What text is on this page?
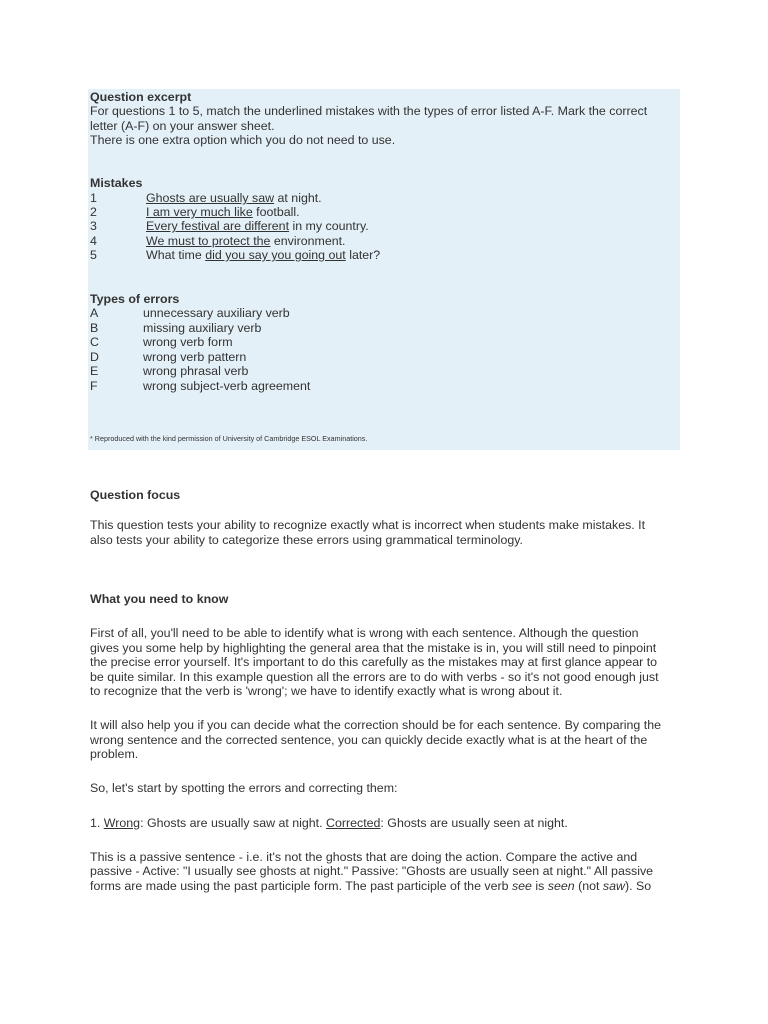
Question excerpt
For questions 1 to 5, match the underlined mistakes with the types of error listed A-F. Mark the correct
letter (A-F) on your answer sheet.
There is one extra option which you do not need to use.
Mistakes
1	Ghosts are usually saw at night.
2	I am very much like football.
3	Every festival are different in my country.
4	We must to protect the environment.
5	What time did you say you going out later?
Types of errors
A	unnecessary auxiliary verb
B	missing auxiliary verb
C	wrong verb form
D	wrong verb pattern
E	wrong phrasal verb
F	wrong subject-verb agreement
* Reproduced with the kind permission of University of Cambridge ESOL Examinations.
Question focus
This question tests your ability to recognize exactly what is incorrect when students make mistakes. It
also tests your ability to categorize these errors using grammatical terminology.
What you need to know
First of all, you'll need to be able to identify what is wrong with each sentence. Although the question
gives you some help by highlighting the general area that the mistake is in, you will still need to pinpoint
the precise error yourself. It's important to do this carefully as the mistakes may at first glance appear to
be quite similar. In this example question all the errors are to do with verbs - so it's not good enough just
to recognize that the verb is 'wrong'; we have to identify exactly what is wrong about it.
It will also help you if you can decide what the correction should be for each sentence. By comparing the
wrong sentence and the corrected sentence, you can quickly decide exactly what is at the heart of the
problem.
So, let's start by spotting the errors and correcting them:
1. Wrong: Ghosts are usually saw at night. Corrected: Ghosts are usually seen at night.
This is a passive sentence - i.e. it's not the ghosts that are doing the action. Compare the active and
passive - Active: "I usually see ghosts at night." Passive: "Ghosts are usually seen at night." All passive
forms are made using the past participle form. The past participle of the verb see is seen (not saw). So
